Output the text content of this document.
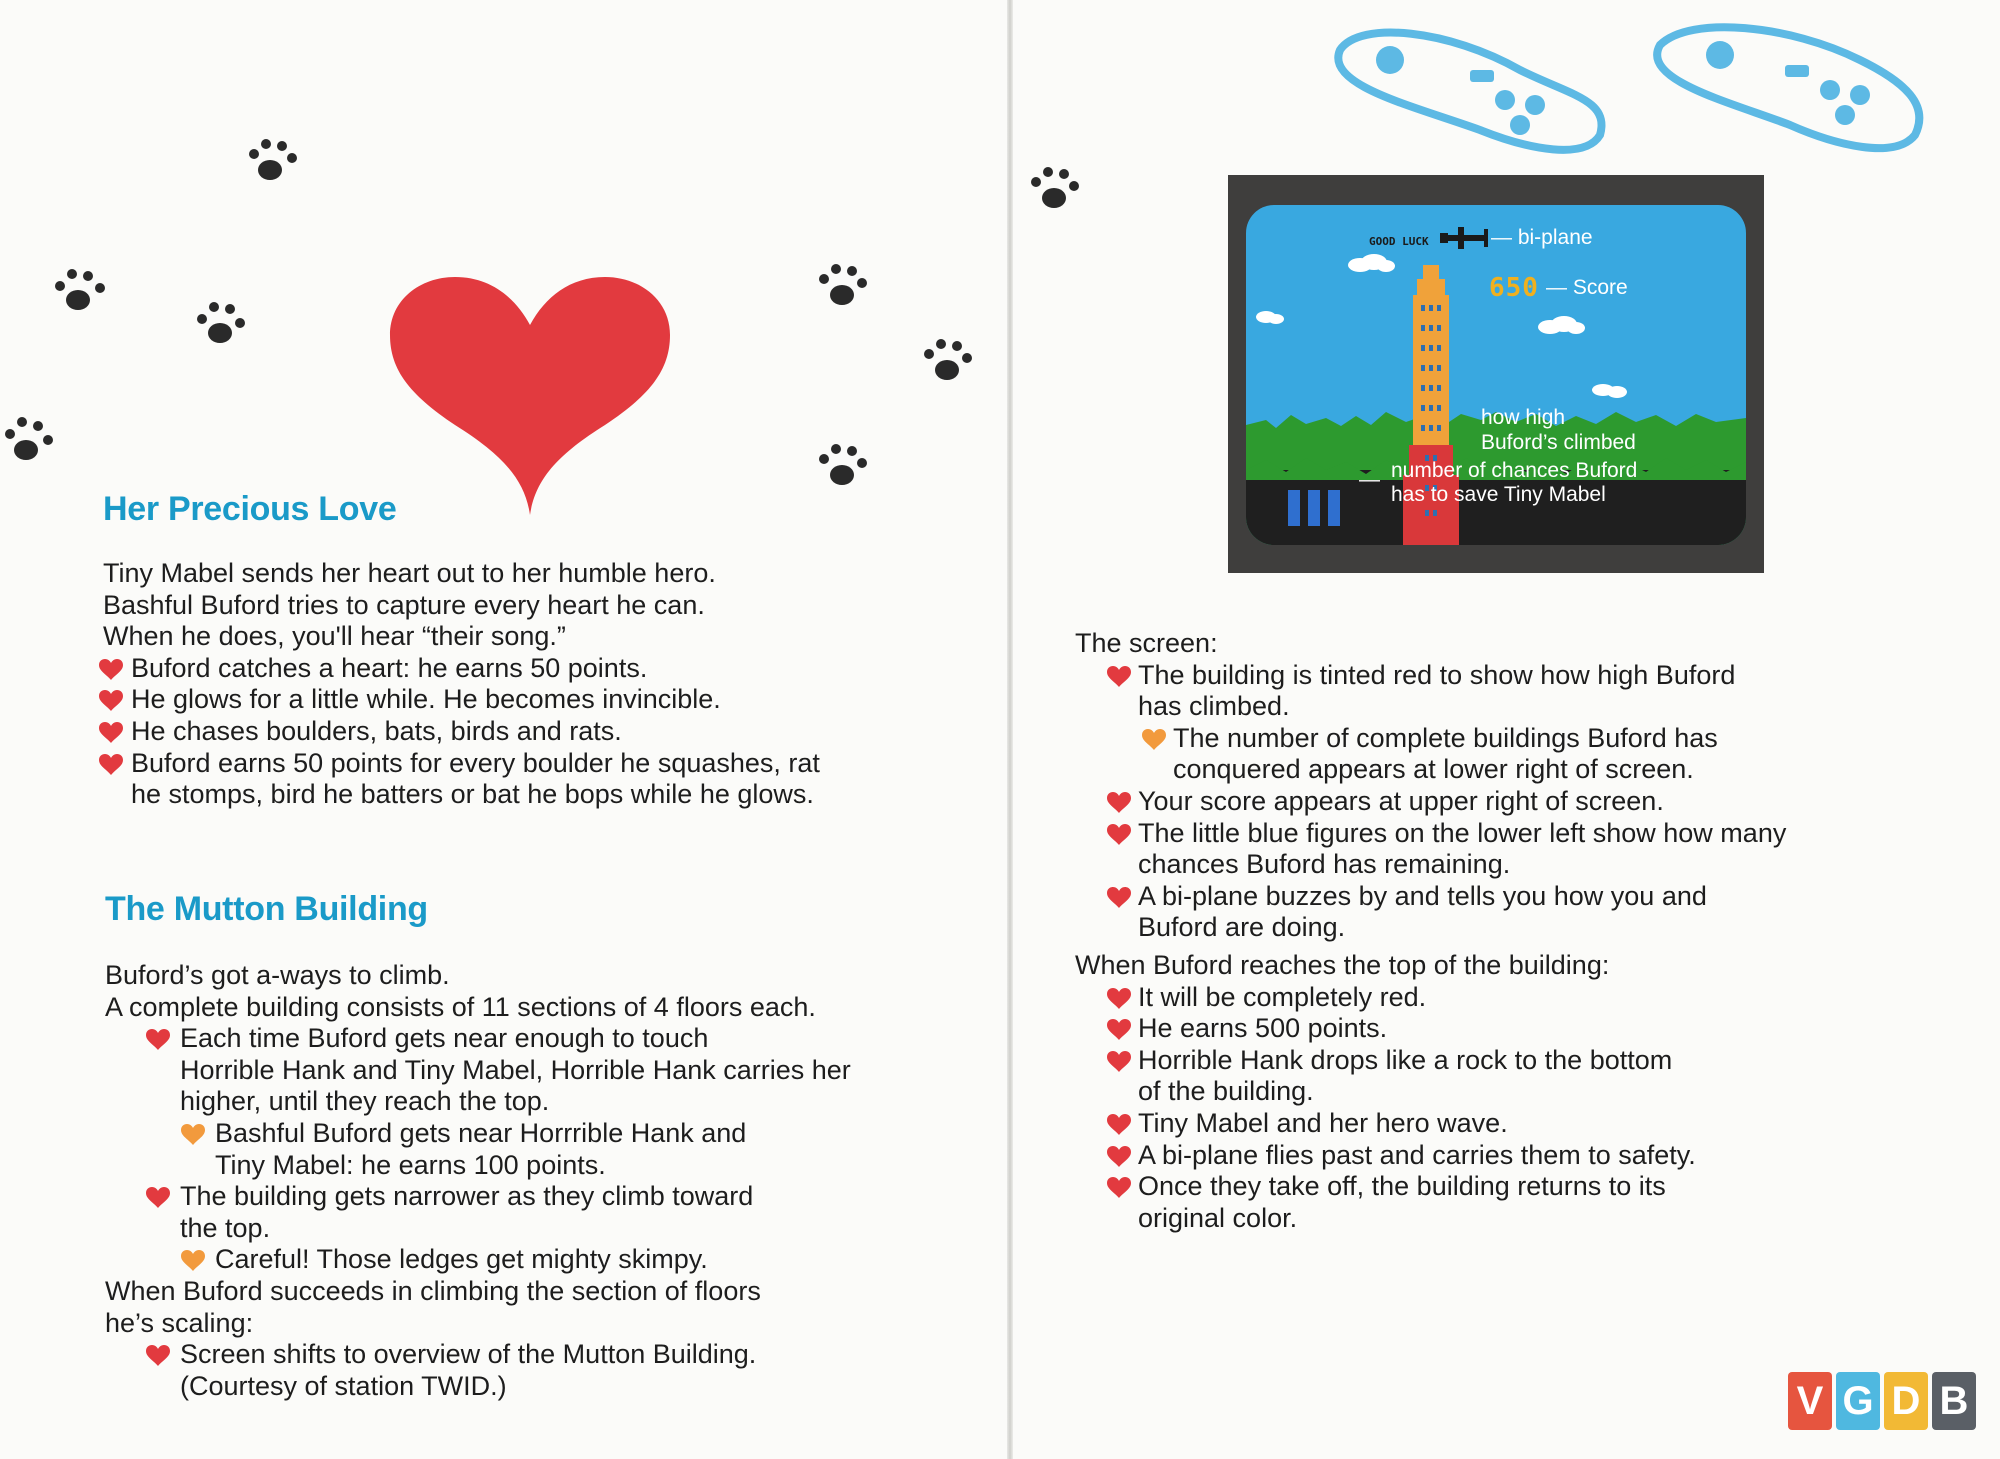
Her Precious Love
Tiny Mabel sends her heart out to her humble hero.
Bashful Buford tries to capture every heart he can.
When he does, you'll hear “their song.”
Buford catches a heart: he earns 50 points.
He glows for a little while. He becomes invincible.
He chases boulders, bats, birds and rats.
Buford earns 50 points for every boulder he squashes, rat
he stomps, bird he batters or bat he bops while he glows.
The Mutton Building
Buford’s got a-ways to climb.
A complete building consists of 11 sections of 4 floors each.
Each time Buford gets near enough to touch
Horrible Hank and Tiny Mabel, Horrible Hank carries her
higher, until they reach the top.
Bashful Buford gets near Horrrible Hank and
Tiny Mabel: he earns 100 points.
The building gets narrower as they climb toward
the top.
Careful! Those ledges get mighty skimpy.
When Buford succeeds in climbing the section of floors
he’s scaling:
Screen shifts to overview of the Mutton Building.
(Courtesy of station TWID.)
GOOD LUCK
650
— bi-plane
— Score
how high
Buford’s climbed
number of chances Buford
has to save Tiny Mabel
—
The screen:
The building is tinted red to show how high Buford
has climbed.
The number of complete buildings Buford has
conquered appears at lower right of screen.
Your score appears at upper right of screen.
The little blue figures on the lower left show how many
chances Buford has remaining.
A bi-plane buzzes by and tells you how you and
Buford are doing.
When Buford reaches the top of the building:
It will be completely red.
He earns 500 points.
Horrible Hank drops like a rock to the bottom
of the building.
Tiny Mabel and her hero wave.
A bi-plane flies past and carries them to safety.
Once they take off, the building returns to its
original color.
V G D B
